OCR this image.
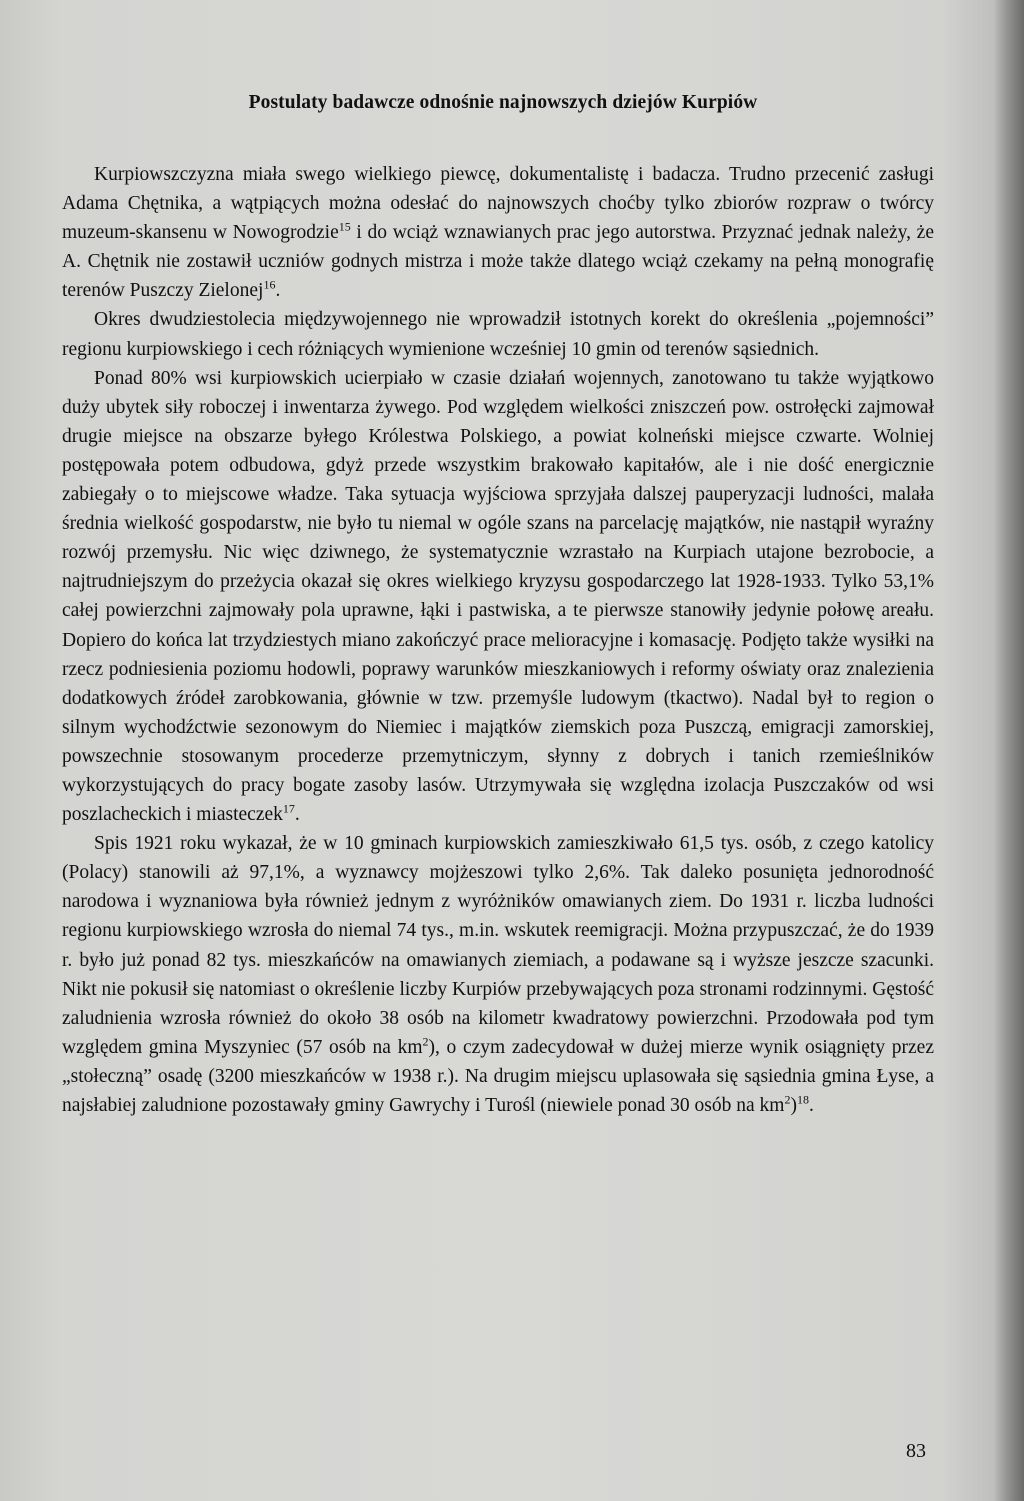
Postulaty badawcze odnośnie najnowszych dziejów Kurpiów

Kurpiowszczyzna miała swego wielkiego piewcę, dokumentalistę i badacza. Trudno przecenić zasługi Adama Chętnika, a wątpiących można odesłać do najnowszych choćby tylko zbiorów rozpraw o twórcy muzeum-skansenu w Nowogrodzie$^{15}$ i do wciąż wznawianych prac jego autorstwa. Przyznać jednak należy, że A. Chętnik nie zostawił uczniów godnych mistrza i może także dlatego wciąż czekamy na pełną monografię terenów Puszczy Zielonej$^{16}$.

Okres dwudziestolecia międzywojennego nie wprowadził istotnych korekt do określenia „pojemności” regionu kurpiowskiego i cech różniących wymienione wcześniej 10 gmin od terenów sąsiednich.

Ponad 80% wsi kurpiowskich ucierpiało w czasie działań wojennych, zanotowano tu także wyjątkowo duży ubytek siły roboczej i inwentarza żywego. Pod względem wielkości zniszczeń pow. ostrołęcki zajmował drugie miejsce na obszarze byłego Królestwa Polskiego, a powiat kolneński miejsce czwarte. Wolniej postępowała potem odbudowa, gdyż przede wszystkim brakowało kapitałów, ale i nie dość energicznie zabiegały o to miejscowe władze. Taka sytuacja wyjściowa sprzyjała dalszej pauperyzacji ludności, malała średnia wielkość gospodarstw, nie było tu niemal w ogóle szans na parcelację majątków, nie nastąpił wyraźny rozwój przemysłu. Nic więc dziwnego, że systematycznie wzrastało na Kurpiach utajone bezrobocie, a najtrudniejszym do przeżycia okazał się okres wielkiego kryzysu gospodarczego lat 1928-1933. Tylko 53,1% całej powierzchni zajmowały pola uprawne, łąki i pastwiska, a te pierwsze stanowiły jedynie połowę areału. Dopiero do końca lat trzydziestych miano zakończyć prace melioracyjne i komasację. Podjęto także wysiłki na rzecz podniesienia poziomu hodowli, poprawy warunków mieszkaniowych i reformy oświaty oraz znalezienia dodatkowych źródeł zarobkowania, głównie w tzw. przemyśle ludowym (tkactwo). Nadal był to region o silnym wychodźctwie sezonowym do Niemiec i majątków ziemskich poza Puszczą, emigracji zamorskiej, powszechnie stosowanym procederze przemytniczym, słynny z dobrych i tanich rzemieślników wykorzystujących do pracy bogate zasoby lasów. Utrzymywała się względna izolacja Puszczaków od wsi poszlacheckich i miasteczek$^{17}$.

Spis 1921 roku wykazał, że w 10 gminach kurpiowskich zamieszkiwało 61,5 tys. osób, z czego katolicy (Polacy) stanowili aż 97,1%, a wyznawcy mojżeszowi tylko 2,6%. Tak daleko posunięta jednorodność narodowa i wyznaniowa była również jednym z wyróżników omawianych ziem. Do 1931 r. liczba ludności regionu kurpiowskiego wzrosła do niemal 74 tys., m.in. wskutek reemigracji. Można przypuszczać, że do 1939 r. było już ponad 82 tys. mieszkańców na omawianych ziemiach, a podawane są i wyższe jeszcze szacunki. Nikt nie pokusił się natomiast o określenie liczby Kurpiów przebywających poza stronami rodzinnymi. Gęstość zaludnienia wzrosła również do około 38 osób na kilometr kwadratowy powierzchni. Przodowała pod tym względem gmina Myszyniec (57 osób na $km^2$), o czym zadecydował w dużej mierze wynik osiągnięty przez „stołeczną” osadę (3200 mieszkańców w 1938 r.). Na drugim miejscu uplasowała się sąsiednia gmina Łyse, a najsłabiej zaludnione pozostawały gminy Gawrychy i Turośl (niewiele ponad 30 osób na $km^2)^{18}$.

83
